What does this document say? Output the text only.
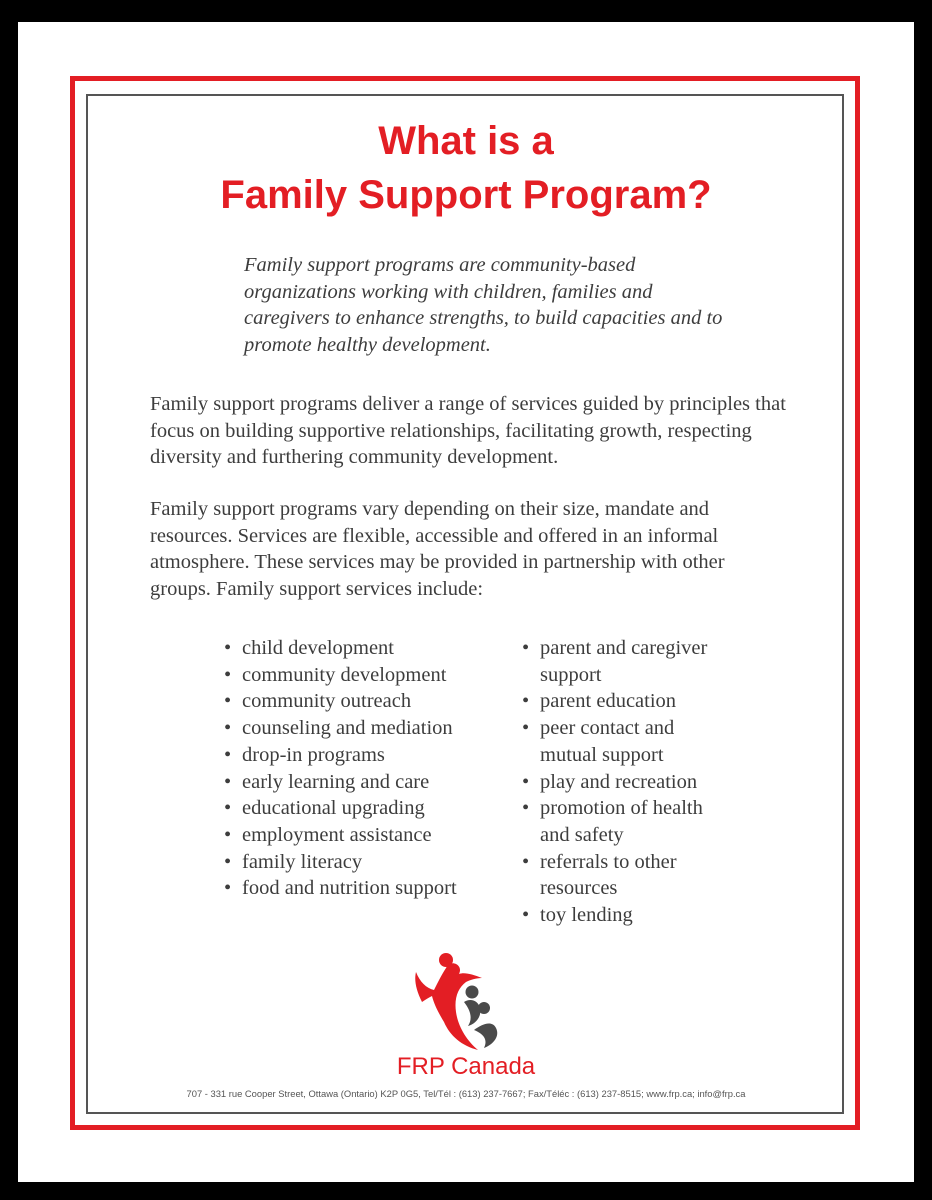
What is a
Family Support Program?

Family support programs are community-based organizations working with children, families and caregivers to enhance strengths, to build capacities and to promote healthy development.

Family support programs deliver a range of services guided by principles that focus on building supportive relationships, facilitating growth, respecting diversity and furthering community development.

Family support programs vary depending on their size, mandate and resources. Services are flexible, accessible and offered in an informal atmosphere. These services may be provided in partnership with other groups. Family support services include:

• child development
• community development
• community outreach
• counseling and mediation
• drop-in programs
• early learning and care
• educational upgrading
• employment assistance
• family literacy
• food and nutrition support
• parent and caregiver support
• parent education
• peer contact and mutual support
• play and recreation
• promotion of health and safety
• referrals to other resources
• toy lending

FRP Canada

707 - 331 rue Cooper Street, Ottawa (Ontario) K2P 0G5, Tel/Tél : (613) 237-7667; Fax/Téléc : (613) 237-8515; www.frp.ca; info@frp.ca
